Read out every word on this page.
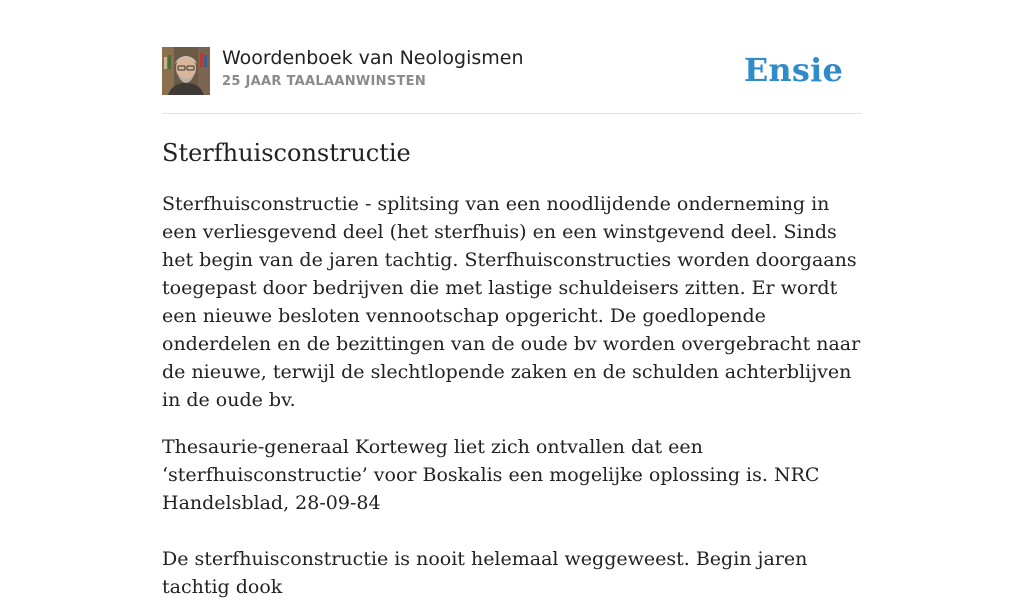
Woordenboek van Neologismen
25 JAAR TAALAANWINSTEN	Ensie
Sterfhuisconstructie

Sterfhuisconstructie - splitsing van een noodlijdende onderneming in een verliesgevend deel (het sterfhuis) en een winstgevend deel. Sinds het begin van de jaren tachtig. Sterfhuisconstructies worden doorgaans toegepast door bedrijven die met lastige schuldeisers zitten. Er wordt een nieuwe besloten vennootschap opgericht. De goedlopende onderdelen en de bezittingen van de oude bv worden overgebracht naar de nieuwe, terwijl de slechtlopende zaken en de schulden achterblijven in de oude bv.

Thesaurie-generaal Korteweg liet zich ontvallen dat een ‘sterfhuisconstructie’ voor Boskalis een mogelijke oplossing is. NRC Handelsblad, 28-09-84

De sterfhuisconstructie is nooit helemaal weggeweest. Begin jaren tachtig dook
